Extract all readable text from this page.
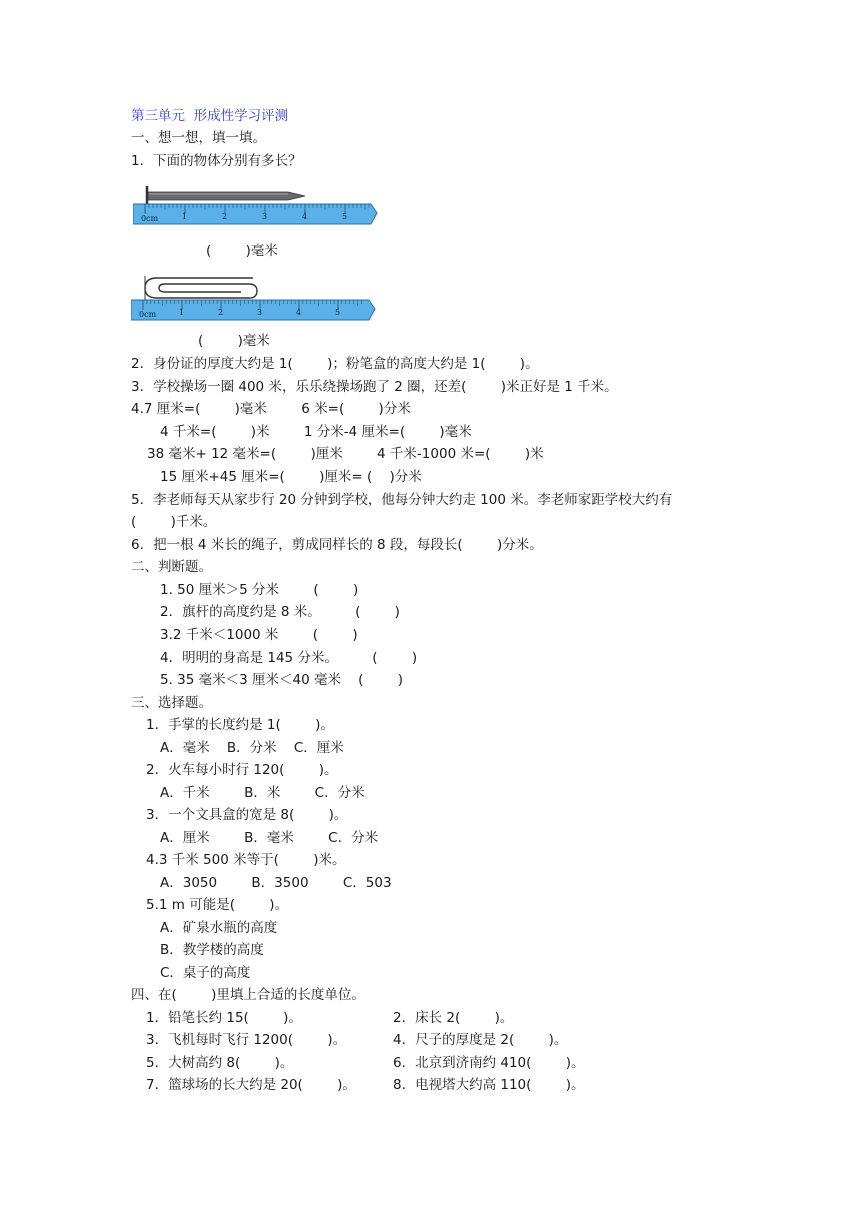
第三单元  形成性学习评测
一、想一想，填一填。
1．下面的物体分别有多长？
0cm	1	2	3	4	5
(        )毫米
0cm	1	2	3	4	5
(        )毫米
2．身份证的厚度大约是 1(        )；粉笔盒的高度大约是 1(        )。
3．学校操场一圈 400 米，乐乐绕操场跑了 2 圈，还差(        )米正好是 1 千米。
4.7 厘米=(        )毫米        6 米=(        )分米
4 千米=(        )米        1 分米-4 厘米=(        )毫米
38 毫米+ 12 毫米=(        )厘米        4 千米-1000 米=(        )米
15 厘米+45 厘米=(        )厘米= (    )分米
5．李老师每天从家步行 20 分钟到学校，他每分钟大约走 100 米。李老师家距学校大约有
(        )千米。
6．把一根 4 米长的绳子，剪成同样长的 8 段，每段长(        )分米。
二、判断题。
1. 50 厘米＞5 分米        (        )
2．旗杆的高度约是 8 米。        (        )
3.2 千米＜1000 米        (        )
4．明明的身高是 145 分米。        (        )
5. 35 毫米＜3 厘米＜40 毫米    (        )
三、选择题。
1．手掌的长度约是 1(        )。
A．毫米    B．分米    C．厘米
2．火车每小时行 120(        )。
A．千米        B．米        C．分米
3．一个文具盒的宽是 8(        )。
A．厘米        B．毫米        C．分米
4.3 千米 500 米等于(        )米。
A．3050        B．3500        C．503
5.1 m 可能是(        )。
A．矿泉水瓶的高度
B．教学楼的高度
C．桌子的高度
四、在(        )里填上合适的长度单位。
1．铅笔长约 15(        )。	2．床长 2(        )。
3．飞机每时飞行 1200(        )。	4．尺子的厚度是 2(        )。
5．大树高约 8(        )。	6．北京到济南约 410(        )。
7．篮球场的长大约是 20(        )。	8．电视塔大约高 110(        )。
